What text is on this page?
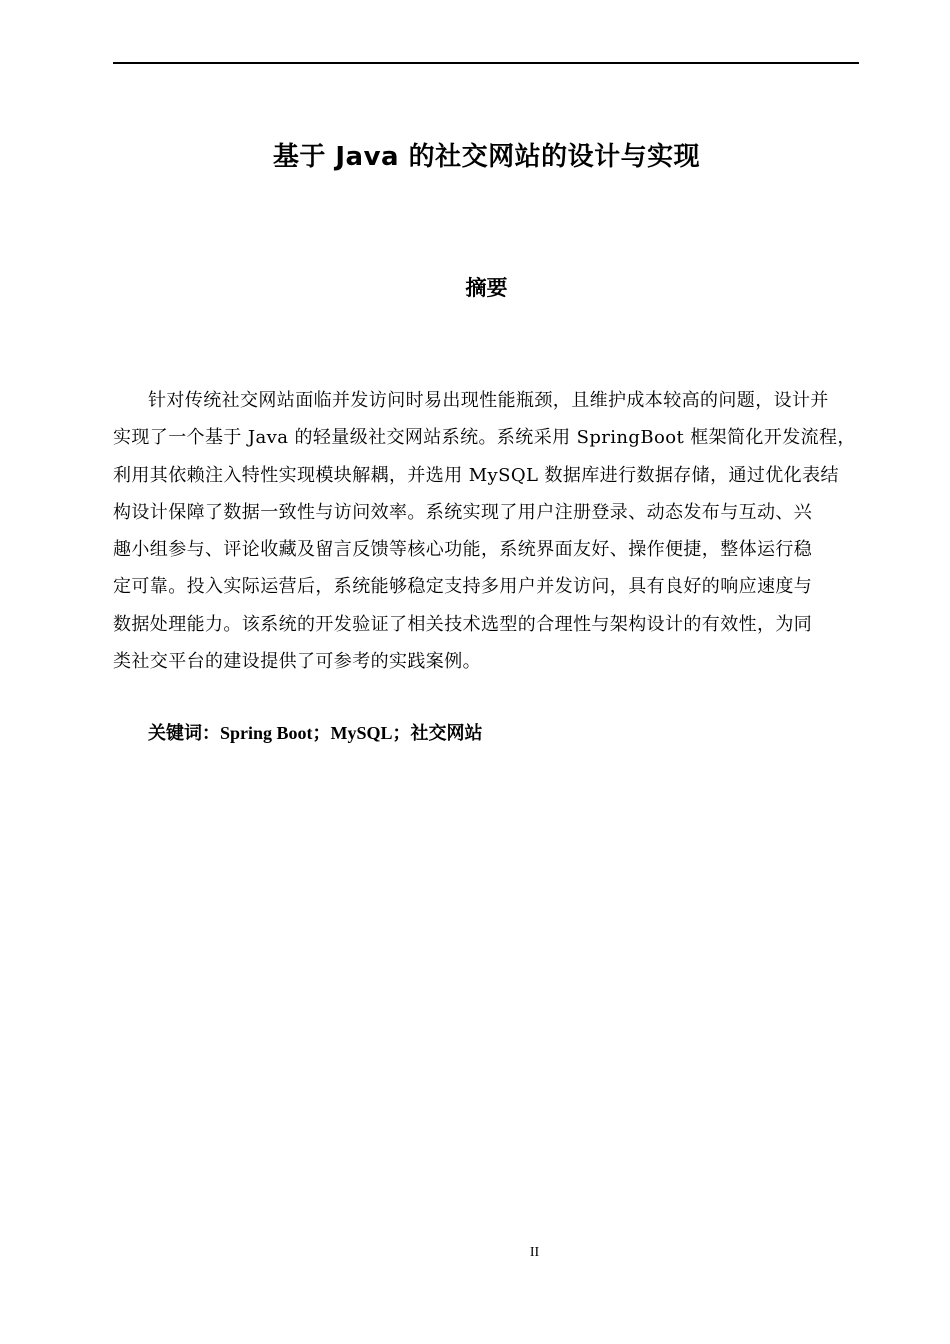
基于 Java 的社交网站的设计与实现
摘要
针对传统社交网站面临并发访问时易出现性能瓶颈，且维护成本较高的问题，设计并
实现了一个基于 Java 的轻量级社交网站系统。系统采用 SpringBoot 框架简化开发流程，
利用其依赖注入特性实现模块解耦，并选用 MySQL 数据库进行数据存储，通过优化表结
构设计保障了数据一致性与访问效率。系统实现了用户注册登录、动态发布与互动、兴
趣小组参与、评论收藏及留言反馈等核心功能，系统界面友好、操作便捷，整体运行稳
定可靠。投入实际运营后，系统能够稳定支持多用户并发访问，具有良好的响应速度与
数据处理能力。该系统的开发验证了相关技术选型的合理性与架构设计的有效性，为同
类社交平台的建设提供了可参考的实践案例。
关键词：Spring Boot；MySQL；社交网站
II
